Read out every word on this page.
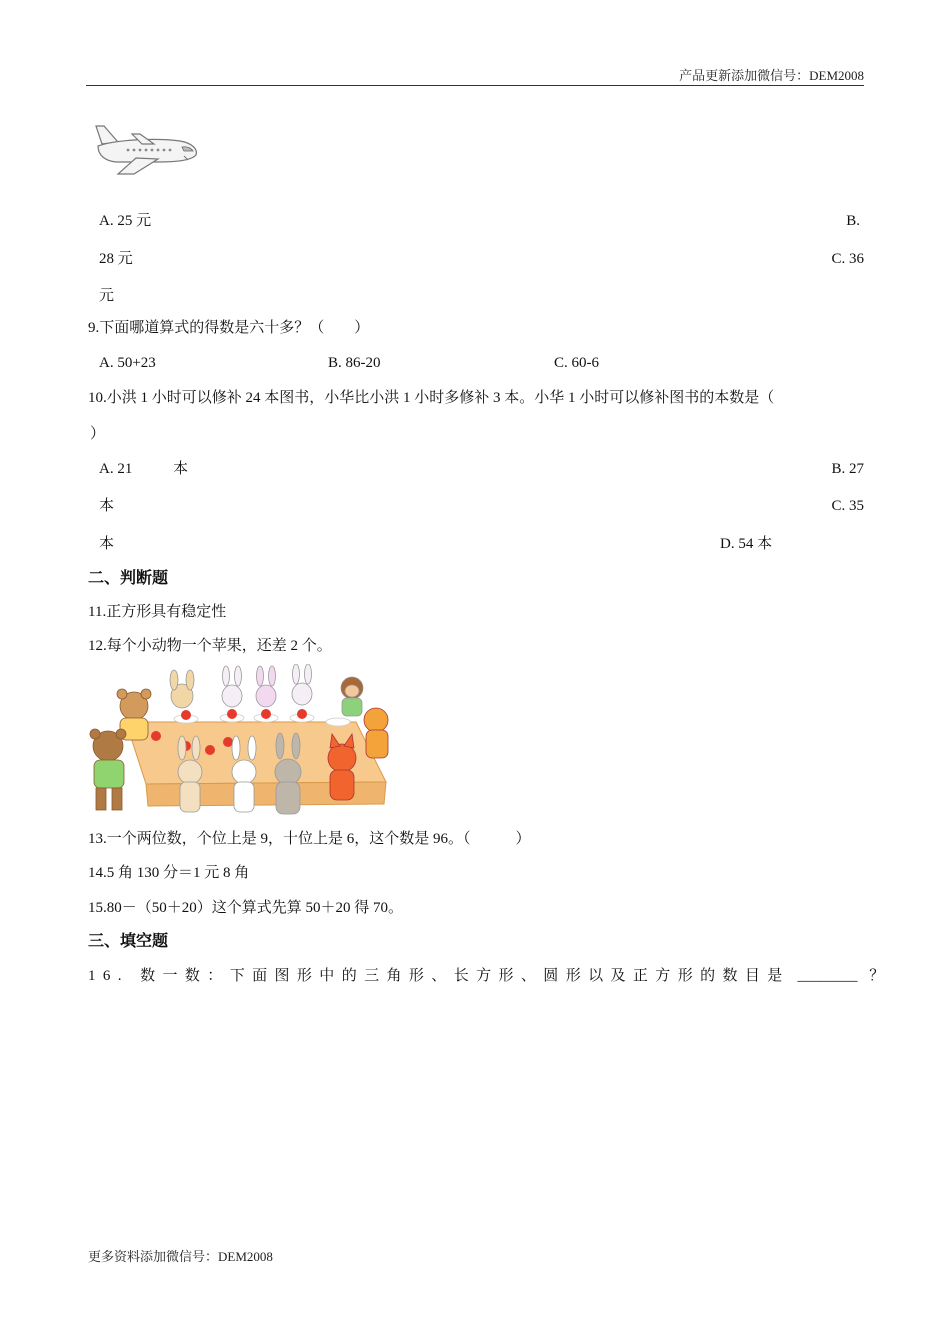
产品更新添加微信号：DEM2008
A. 25 元	B.
28 元	C. 36
元
9.下面哪道算式的得数是六十多？（　　）
A. 50+23	B. 86-20	C. 60-6
10.小洪 1 小时可以修补 24 本图书，小华比小洪 1 小时多修补 3 本。小华 1 小时可以修补图书的本数是（
）
A. 21	本	B. 27
本	C. 35
本	D. 54 本
二、判断题
11.正方形具有稳定性
12.每个小动物一个苹果，还差 2 个。
13.一个两位数，个位上是 9，十位上是 6，这个数是 96。（　　　）
14.5 角 130 分＝1 元 8 角
15.80－（50＋20）这个算式先算 50＋20 得 70。
三、填空题
16. 数一数：下面图形中的三角形、长方形、圆形以及正方形的数目是 ________ ？
更多资料添加微信号：DEM2008
